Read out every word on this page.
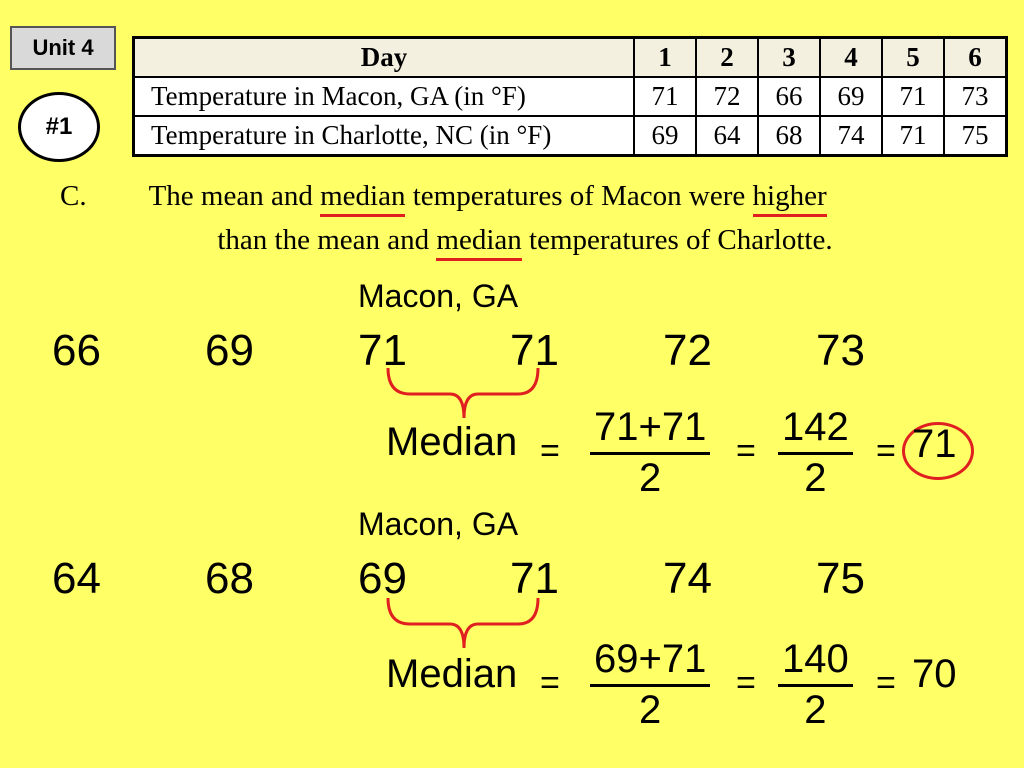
Unit 4
#1
Day	1	2	3	4	5	6
Temperature in Macon, GA (in °F)	71	72	66	69	71	73
Temperature in Charlotte, NC (in °F)	69	64	68	74	71	75
C. The mean and median temperatures of Macon were higher
than the mean and median temperatures of Charlotte.
Macon, GA
66 69 71 71 72 73
Median = $\frac{71+71}{2} = \frac{142}{2} = 71$
Macon, GA
64 68 69 71 74 75
Median = $\frac{69+71}{2} = \frac{140}{2} = 70$
